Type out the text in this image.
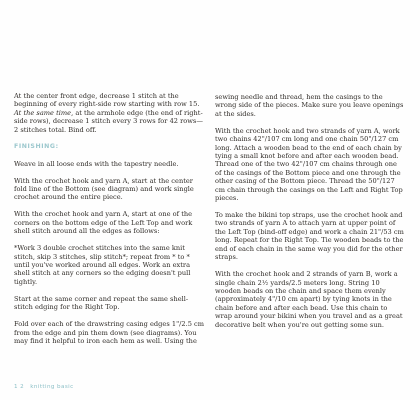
At the center front edge, decrease 1 stitch at the beginning of every right-side row starting with row 15. At the same time, at the armhole edge (the end of right-side rows), decrease 1 stitch every 3 rows for 42 rows—2 stitches total. Bind off.

FINISHING:

Weave in all loose ends with the tapestry needle.

With the crochet hook and yarn A, start at the center fold line of the Bottom (see diagram) and work single crochet around the entire piece.

With the crochet hook and yarn A, start at one of the corners on the bottom edge of the Left Top and work shell stitch around all the edges as follows:

*Work 3 double crochet stitches into the same knit stitch, skip 3 stitches, slip stitch*; repeat from * to * until you've worked around all edges. Work an extra shell stitch at any corners so the edging doesn't pull tightly.

Start at the same corner and repeat the same shell-stitch edging for the Right Top.

Fold over each of the drawstring casing edges 1"/2.5 cm from the edge and pin them down (see diagrams). You may find it helpful to iron each hem as well. Using the

sewing needle and thread, hem the casings to the wrong side of the pieces. Make sure you leave openings at the sides.

With the crochet hook and two strands of yarn A, work two chains 42"/107 cm long and one chain 50"/127 cm long. Attach a wooden bead to the end of each chain by tying a small knot before and after each wooden bead. Thread one of the two 42"/107 cm chains through one of the casings of the Bottom piece and one through the other casing of the Bottom piece. Thread the 50"/127 cm chain through the casings on the Left and Right Top pieces.

To make the bikini top straps, use the crochet hook and two strands of yarn A to attach yarn at upper point of the Left Top (bind-off edge) and work a chain 21"/53 cm long. Repeat for the Right Top. Tie wooden beads to the end of each chain in the same way you did for the other straps.

With the crochet hook and 2 strands of yarn B, work a single chain 2½ yards/2.5 meters long. String 10 wooden beads on the chain and space them evenly (approximately 4"/10 cm apart) by tying knots in the chain before and after each bead. Use this chain to wrap around your bikini when you travel and as a great decorative belt when you're out getting some sun.

1 2 knitting basic
